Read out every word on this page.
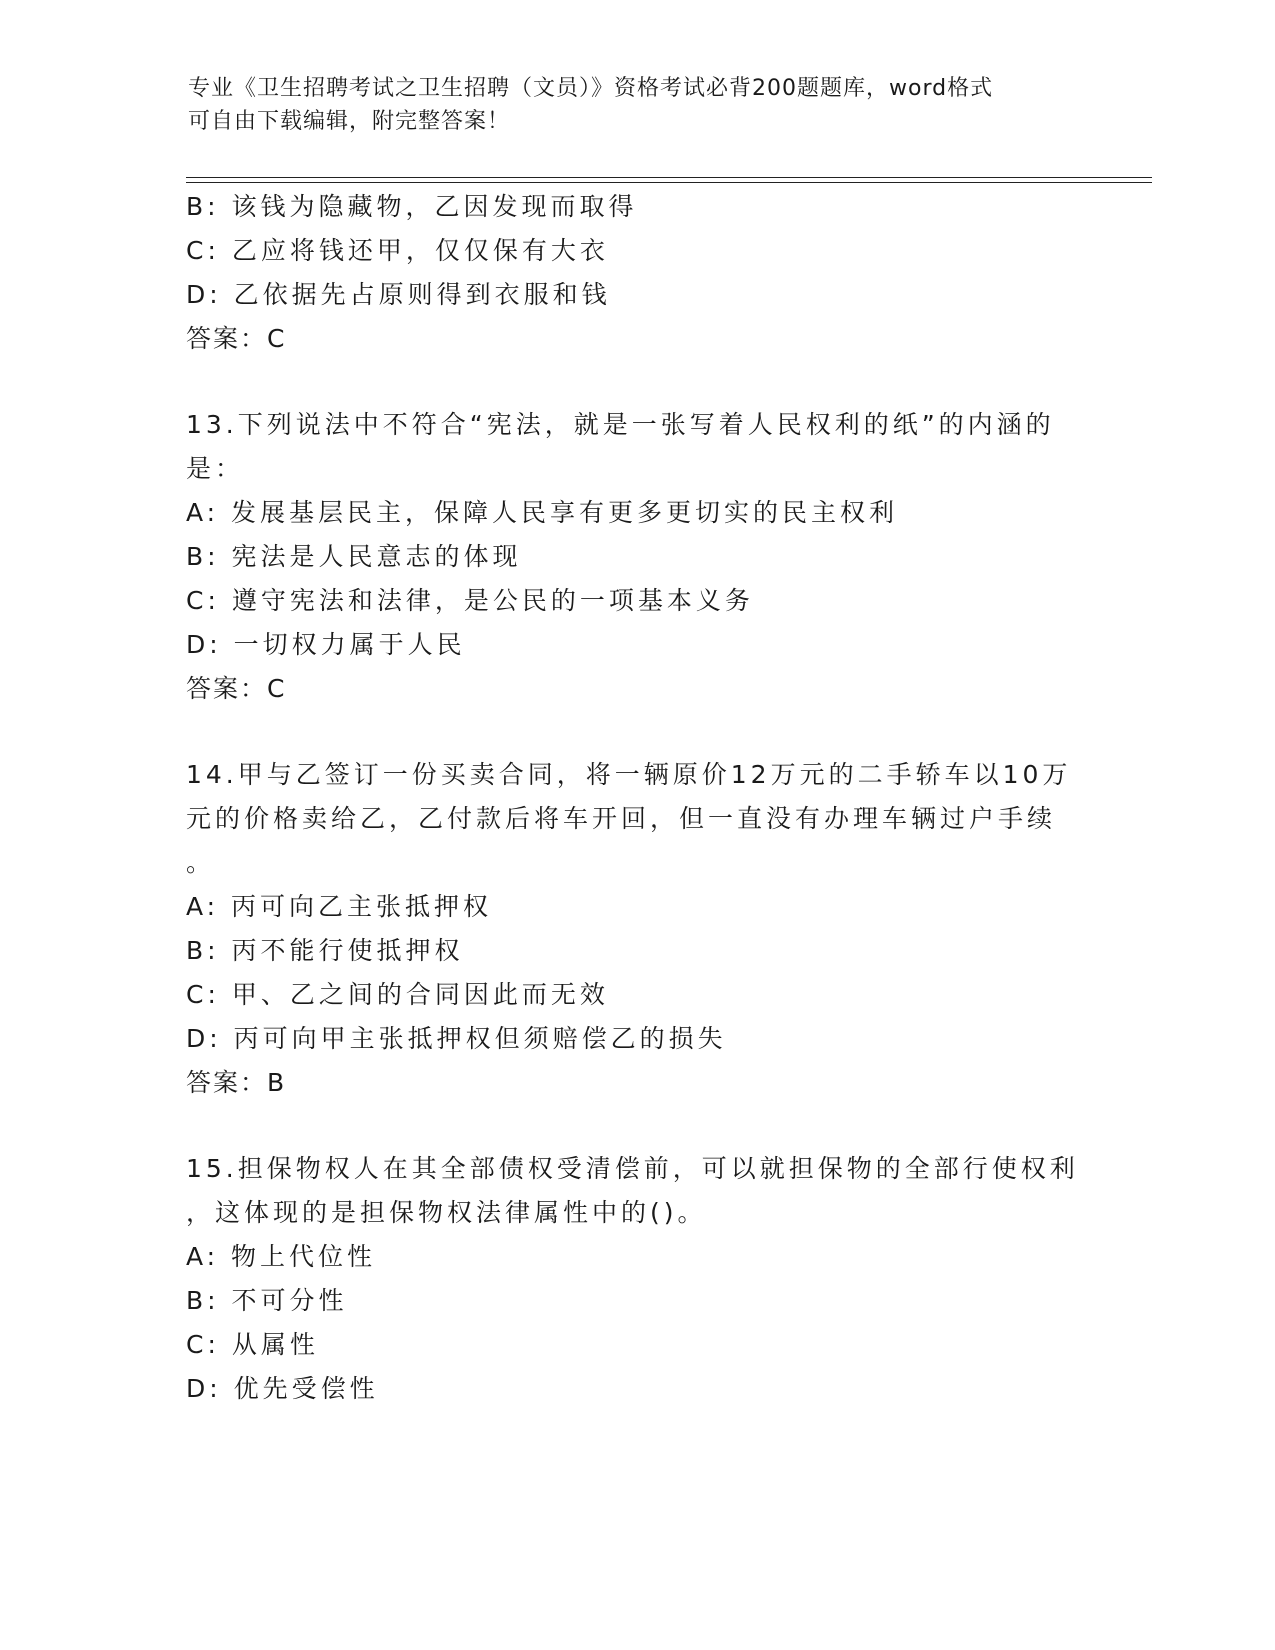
专业《卫生招聘考试之卫生招聘（文员）》资格考试必背200题题库，word格式
可自由下载编辑，附完整答案！
B: 该钱为隐藏物，乙因发现而取得
C: 乙应将钱还甲，仅仅保有大衣
D: 乙依据先占原则得到衣服和钱
答案：C
13.下列说法中不符合“宪法，就是一张写着人民权利的纸”的内涵的
是：
A: 发展基层民主，保障人民享有更多更切实的民主权利
B: 宪法是人民意志的体现
C: 遵守宪法和法律，是公民的一项基本义务
D: 一切权力属于人民
答案：C
14.甲与乙签订一份买卖合同，将一辆原价12万元的二手轿车以10万
元的价格卖给乙，乙付款后将车开回，但一直没有办理车辆过户手续
。
A: 丙可向乙主张抵押权
B: 丙不能行使抵押权
C: 甲、乙之间的合同因此而无效
D: 丙可向甲主张抵押权但须赔偿乙的损失
答案：B
15.担保物权人在其全部债权受清偿前，可以就担保物的全部行使权利
，这体现的是担保物权法律属性中的()。
A: 物上代位性
B: 不可分性
C: 从属性
D: 优先受偿性
